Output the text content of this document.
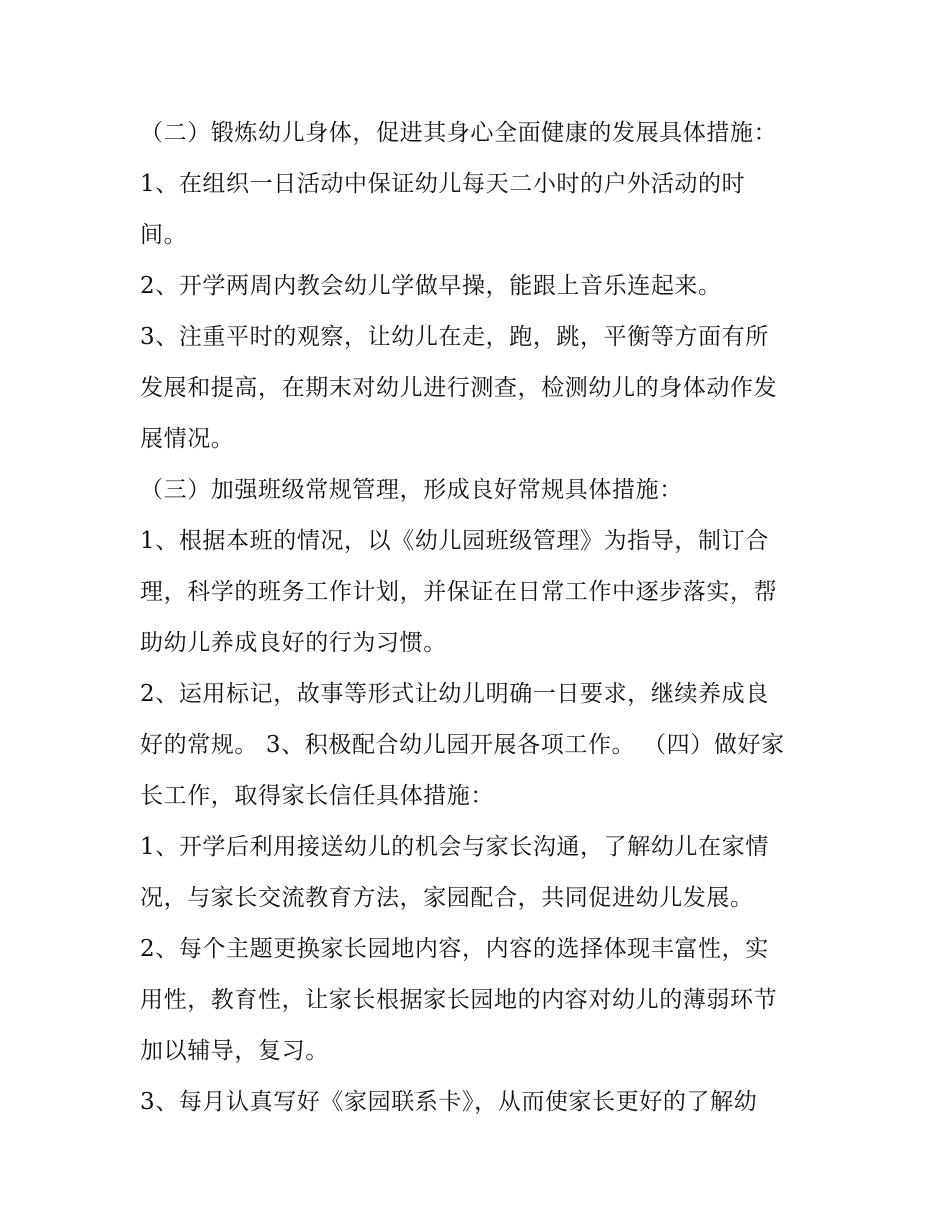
（二）锻炼幼儿身体，促进其身心全面健康的发展具体措施：
1、在组织一日活动中保证幼儿每天二小时的户外活动的时
间。
2、开学两周内教会幼儿学做早操，能跟上音乐连起来。
3、注重平时的观察，让幼儿在走，跑，跳，平衡等方面有所
发展和提高，在期末对幼儿进行测查，检测幼儿的身体动作发
展情况。
（三）加强班级常规管理，形成良好常规具体措施：
1、根据本班的情况，以《幼儿园班级管理》为指导，制订合
理，科学的班务工作计划，并保证在日常工作中逐步落实，帮
助幼儿养成良好的行为习惯。
2、运用标记，故事等形式让幼儿明确一日要求，继续养成良
好的常规。 3、积极配合幼儿园开展各项工作。 （四）做好家
长工作，取得家长信任具体措施：
1、开学后利用接送幼儿的机会与家长沟通，了解幼儿在家情
况，与家长交流教育方法，家园配合，共同促进幼儿发展。
2、每个主题更换家长园地内容，内容的选择体现丰富性，实
用性，教育性，让家长根据家长园地的内容对幼儿的薄弱环节
加以辅导，复习。
3、每月认真写好《家园联系卡》，从而使家长更好的了解幼
